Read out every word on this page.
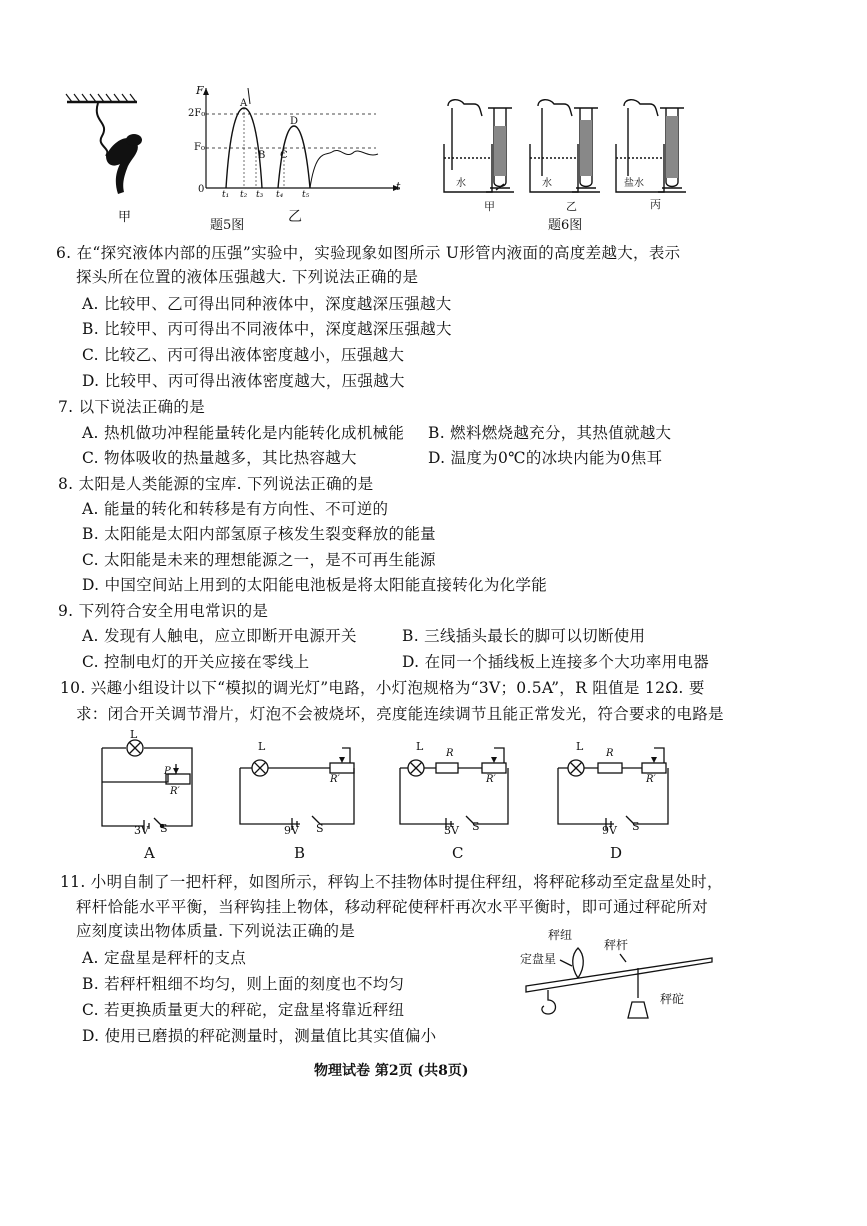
甲
F
2F₀
F₀
0	t
A
B C
D
t₁ t₂ t₃ t₄ t₅
题5图
乙
水	水	盐水
甲	乙	丙
题6图
6. 在“探究液体内部的压强”实验中，实验现象如图所示 U形管内液面的高度差越大，表示
探头所在位置的液体压强越大. 下列说法正确的是
A. 比较甲、乙可得出同种液体中，深度越深压强越大
B. 比较甲、丙可得出不同液体中，深度越深压强越大
C. 比较乙、丙可得出液体密度越小，压强越大
D. 比较甲、丙可得出液体密度越大，压强越大
7. 以下说法正确的是
A. 热机做功冲程能量转化是内能转化成机械能 B. 燃料燃烧越充分，其热值就越大
C. 物体吸收的热量越多，其比热容越大	D. 温度为0℃的冰块内能为0焦耳
8. 太阳是人类能源的宝库. 下列说法正确的是
A. 能量的转化和转移是有方向性、不可逆的
B. 太阳能是太阳内部氢原子核发生裂变释放的能量
C. 太阳能是未来的理想能源之一，是不可再生能源
D. 中国空间站上用到的太阳能电池板是将太阳能直接转化为化学能
9. 下列符合安全用电常识的是
A. 发现有人触电，应立即断开电源开关	B. 三线插头最长的脚可以切断使用
C. 控制电灯的开关应接在零线上	D. 在同一个插线板上连接多个大功率用电器
10. 兴趣小组设计以下“模拟的调光灯”电路，小灯泡规格为“3V；0.5A”，R 阻值是 12Ω. 要
求：闭合开关调节滑片，灯泡不会被烧坏，亮度能连续调节且能正常发光，符合要求的电路是
L
P
R′
3V S
A
L
R′
9V S
B
L
R
R′
3V S
C
L
R
R′
9V S
D
11. 小明自制了一把杆秤，如图所示，秤钩上不挂物体时提住秤纽，将秤砣移动至定盘星处时，
秤杆恰能水平平衡，当秤钩挂上物体，移动秤砣使秤杆再次水平平衡时，即可通过秤砣所对
应刻度读出物体质量. 下列说法正确的是
A. 定盘星是秤杆的支点
B. 若秤杆粗细不均匀，则上面的刻度也不均匀
C. 若更换质量更大的秤砣，定盘星将靠近秤纽
D. 使用已磨损的秤砣测量时，测量值比其实值偏小
秤纽
秤杆
定盘星
秤砣
物理试卷 第2页 (共8页)
